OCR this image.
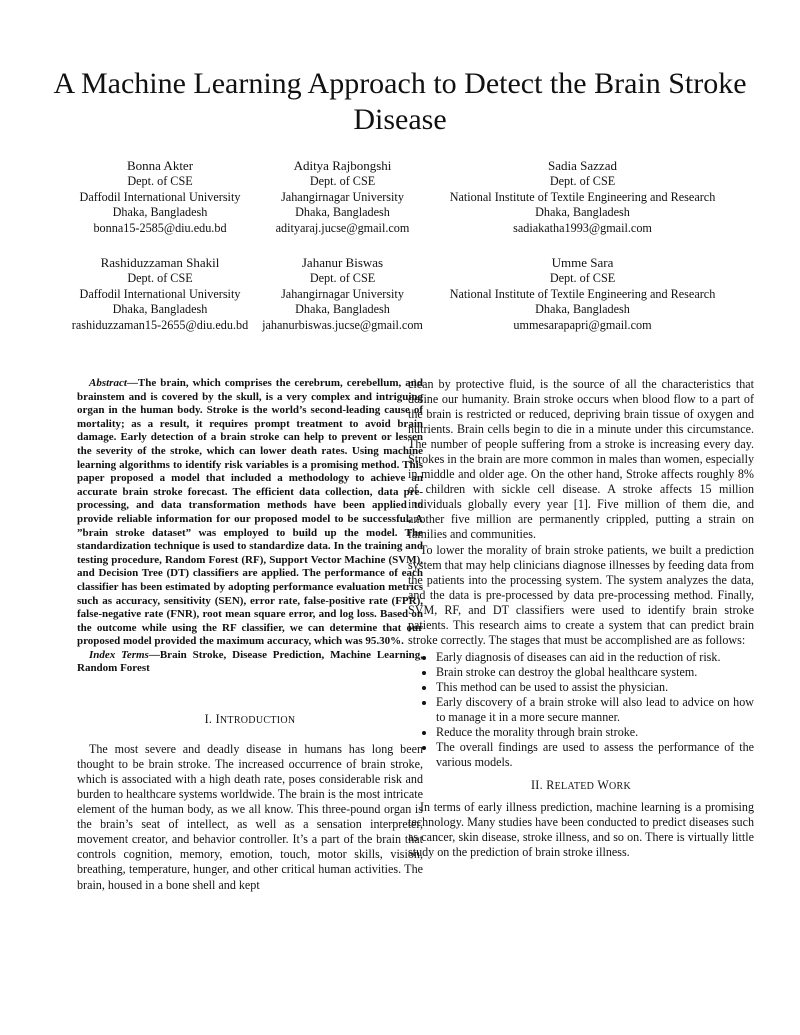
A Machine Learning Approach to Detect the Brain Stroke Disease
Bonna Akter
Dept. of CSE
Daffodil International University
Dhaka, Bangladesh
bonna15-2585@diu.edu.bd
Aditya Rajbongshi
Dept. of CSE
Jahangirnagar University
Dhaka, Bangladesh
adityaraj.jucse@gmail.com
Sadia Sazzad
Dept. of CSE
National Institute of Textile Engineering and Research
Dhaka, Bangladesh
sadiakatha1993@gmail.com
Rashiduzzaman Shakil
Dept. of CSE
Daffodil International University
Dhaka, Bangladesh
rashiduzzaman15-2655@diu.edu.bd
Jahanur Biswas
Dept. of CSE
Jahangirnagar University
Dhaka, Bangladesh
jahanurbiswas.jucse@gmail.com
Umme Sara
Dept. of CSE
National Institute of Textile Engineering and Research
Dhaka, Bangladesh
ummesarapapri@gmail.com

Abstract—The brain, which comprises the cerebrum, cerebellum, and brainstem and is covered by the skull, is a very complex and intriguing organ in the human body. Stroke is the world’s second-leading cause of mortality; as a result, it requires prompt treatment to avoid brain damage. Early detection of a brain stroke can help to prevent or lessen the severity of the stroke, which can lower death rates. Using machine learning algorithms to identify risk variables is a promising method. This paper proposed a model that included a methodology to achieve an accurate brain stroke forecast. The efficient data collection, data pre-processing, and data transformation methods have been applied to provide reliable information for our proposed model to be successful. A ”brain stroke dataset” was employed to build up the model. The standardization technique is used to standardize data. In the training and testing procedure, Random Forest (RF), Support Vector Machine (SVM), and Decision Tree (DT) classifiers are applied. The performance of each classifier has been estimated by adopting performance evaluation metrics such as accuracy, sensitivity (SEN), error rate, false-positive rate (FPR), false-negative rate (FNR), root mean square error, and log loss. Based on the outcome while using the RF classifier, we can determine that our proposed model provided the maximum accuracy, which was 95.30%.

Index Terms—Brain Stroke, Disease Prediction, Machine Learning, Random Forest

I. INTRODUCTION

The most severe and deadly disease in humans has long been thought to be brain stroke. The increased occurrence of brain stroke, which is associated with a high death rate, poses considerable risk and burden to healthcare systems worldwide. The brain is the most intricate element of the human body, as we all know. This three-pound organ is the brain’s seat of intellect, as well as a sensation interpreter, movement creator, and behavior controller. It’s a part of the brain that controls cognition, memory, emotion, touch, motor skills, vision, breathing, temperature, hunger, and other critical human activities. The brain, housed in a bone shell and kept

clean by protective fluid, is the source of all the characteristics that define our humanity. Brain stroke occurs when blood flow to a part of the brain is restricted or reduced, depriving brain tissue of oxygen and nutrients. Brain cells begin to die in a minute under this circumstance. The number of people suffering from a stroke is increasing every day. Strokes in the brain are more common in males than women, especially in middle and older age. On the other hand, Stroke affects roughly 8% of children with sickle cell disease. A stroke affects 15 million individuals globally every year [1]. Five million of them die, and another five million are permanently crippled, putting a strain on families and communities.

To lower the morality of brain stroke patients, we built a prediction system that may help clinicians diagnose illnesses by feeding data from the patients into the processing system. The system analyzes the data, and the data is pre-processed by data pre-processing method. Finally, SVM, RF, and DT classifiers were used to identify brain stroke patients. This research aims to create a system that can predict brain stroke correctly. The stages that must be accomplished are as follows:

• Early diagnosis of diseases can aid in the reduction of risk.
• Brain stroke can destroy the global healthcare system.
• This method can be used to assist the physician.
• Early discovery of a brain stroke will also lead to advice on how to manage it in a more secure manner.
• Reduce the morality through brain stroke.
• The overall findings are used to assess the performance of the various models.
II. RELATED WORK

In terms of early illness prediction, machine learning is a promising technology. Many studies have been conducted to predict diseases such as cancer, skin disease, stroke illness, and so on. There is virtually little study on the prediction of brain stroke illness.
